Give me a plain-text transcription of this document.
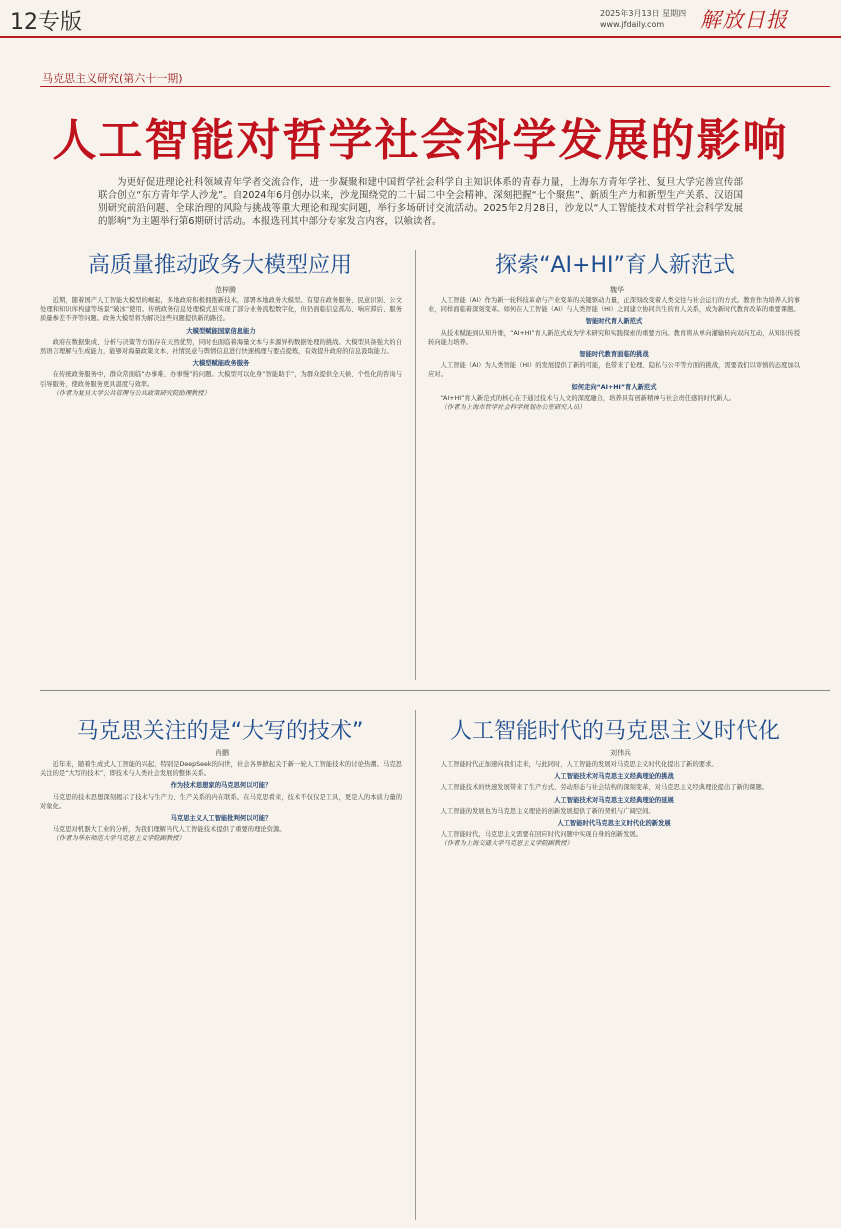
12专版	2025年3月13日 星期四
www.jfdaily.com	解放日报
马克思主义研究(第六十一期)
人工智能对哲学社会科学发展的影响
为更好促进理论社科领域青年学者交流合作，进一步凝聚和建中国哲学社会科学自主知识体系的青春力量，上海东方青年学社、复旦大学完善宣传部联合创立“东方青年学人沙龙”。自2024年6月创办以来，沙龙围绕党的二十届二中全会精神、深刻把握“七个聚焦”、新质生产力和新型生产关系、汉语国别研究前沿问题、全球治理的风险与挑战等重大理论和现实问题，举行多场研讨交流活动。2025年2月28日，沙龙以“人工智能技术对哲学社会科学发展的影响”为主题举行第6期研讨活动。本报选刊其中部分专家发言内容，以飨读者。
高质量推动政务大模型应用
范梓腾

近期，随着国产人工智能大模型的崛起，多地政府积极拥抱新技术，部署本地政务大模型。有望在政务服务、民意识别、公文处理和知识库构建等场景“破冰”使用。传统政务信息处理模式虽实现了部分业务流程数字化，但仍面临信息孤岛、响应滞后、服务质量参差不齐等问题。政务大模型将为解决这些问题提供新的路径。

大模型赋能国家信息能力

政府在数据集成、分析与决策等方面存在天然优势，同时也面临着海量文本与多源异构数据处理的挑战。大模型具备强大的自然语言理解与生成能力，能够对海量政策文本、社情民意与舆情信息进行快速梳理与要点提炼，有效提升政府的信息汲取能力。

大模型赋能政务服务

在传统政务服务中，群众常面临“办事难、办事慢”的问题。大模型可以化身“智能助手”，为群众提供全天候、个性化的咨询与引导服务，使政务服务更具温度与效率。

（作者为复旦大学公共管理与公共政策研究院助理教授）

探索“AI+HI”育人新范式
魏华

人工智能（AI）作为新一轮科技革命与产业变革的关键驱动力量，正深刻改变着人类交往与社会运行的方式。教育作为培养人的事业，同样面临着深刻变革。如何在人工智能（AI）与人类智能（HI）之间建立协同共生的育人关系，成为新时代教育改革的重要课题。

智能时代育人新范式

从技术赋能到认知升维，“AI+HI”育人新范式成为学术研究和实践探索的重要方向。教育将从单向灌输转向双向互动，从知识传授转向能力培养。

智能时代教育面临的挑战

人工智能（AI）为人类智能（HI）的发展提供了新的可能，也带来了伦理、隐私与公平等方面的挑战，需要我们以审慎的态度加以应对。

如何走向“AI+HI”育人新范式

“AI+HI”育人新范式的核心在于通过技术与人文的深度融合，培养具有创新精神与社会责任感的时代新人。

（作者为上海市哲学社会科学规划办公室研究人员）

马克思关注的是“大写的技术”
肖鹏

近年来，随着生成式人工智能的兴起，特别是DeepSeek的问世，社会各界掀起关于新一轮人工智能技术的讨论热潮。马克思关注的是“大写的技术”，即技术与人类社会发展的整体关系。

作为技术思想家的马克思何以可能？

马克思的技术思想深刻揭示了技术与生产力、生产关系的内在联系。在马克思看来，技术不仅仅是工具，更是人的本质力量的对象化。

马克思主义人工智能批判何以可能？

马克思对机器大工业的分析，为我们理解当代人工智能技术提供了重要的理论资源。

（作者为华东师范大学马克思主义学院副教授）

人工智能时代的马克思主义时代化
刘伟兵

人工智能时代正加速向我们走来，与此同时，人工智能的发展对马克思主义时代化提出了新的要求。

人工智能技术对马克思主义经典理论的挑战

人工智能技术的快速发展带来了生产方式、劳动形态与社会结构的深刻变革，对马克思主义经典理论提出了新的课题。

人工智能技术对马克思主义经典理论的延展

人工智能的发展也为马克思主义理论的创新发展提供了新的契机与广阔空间。

人工智能时代马克思主义时代化的新发展

人工智能时代，马克思主义需要在回应时代问题中实现自身的创新发展。

（作者为上海交通大学马克思主义学院副教授）
